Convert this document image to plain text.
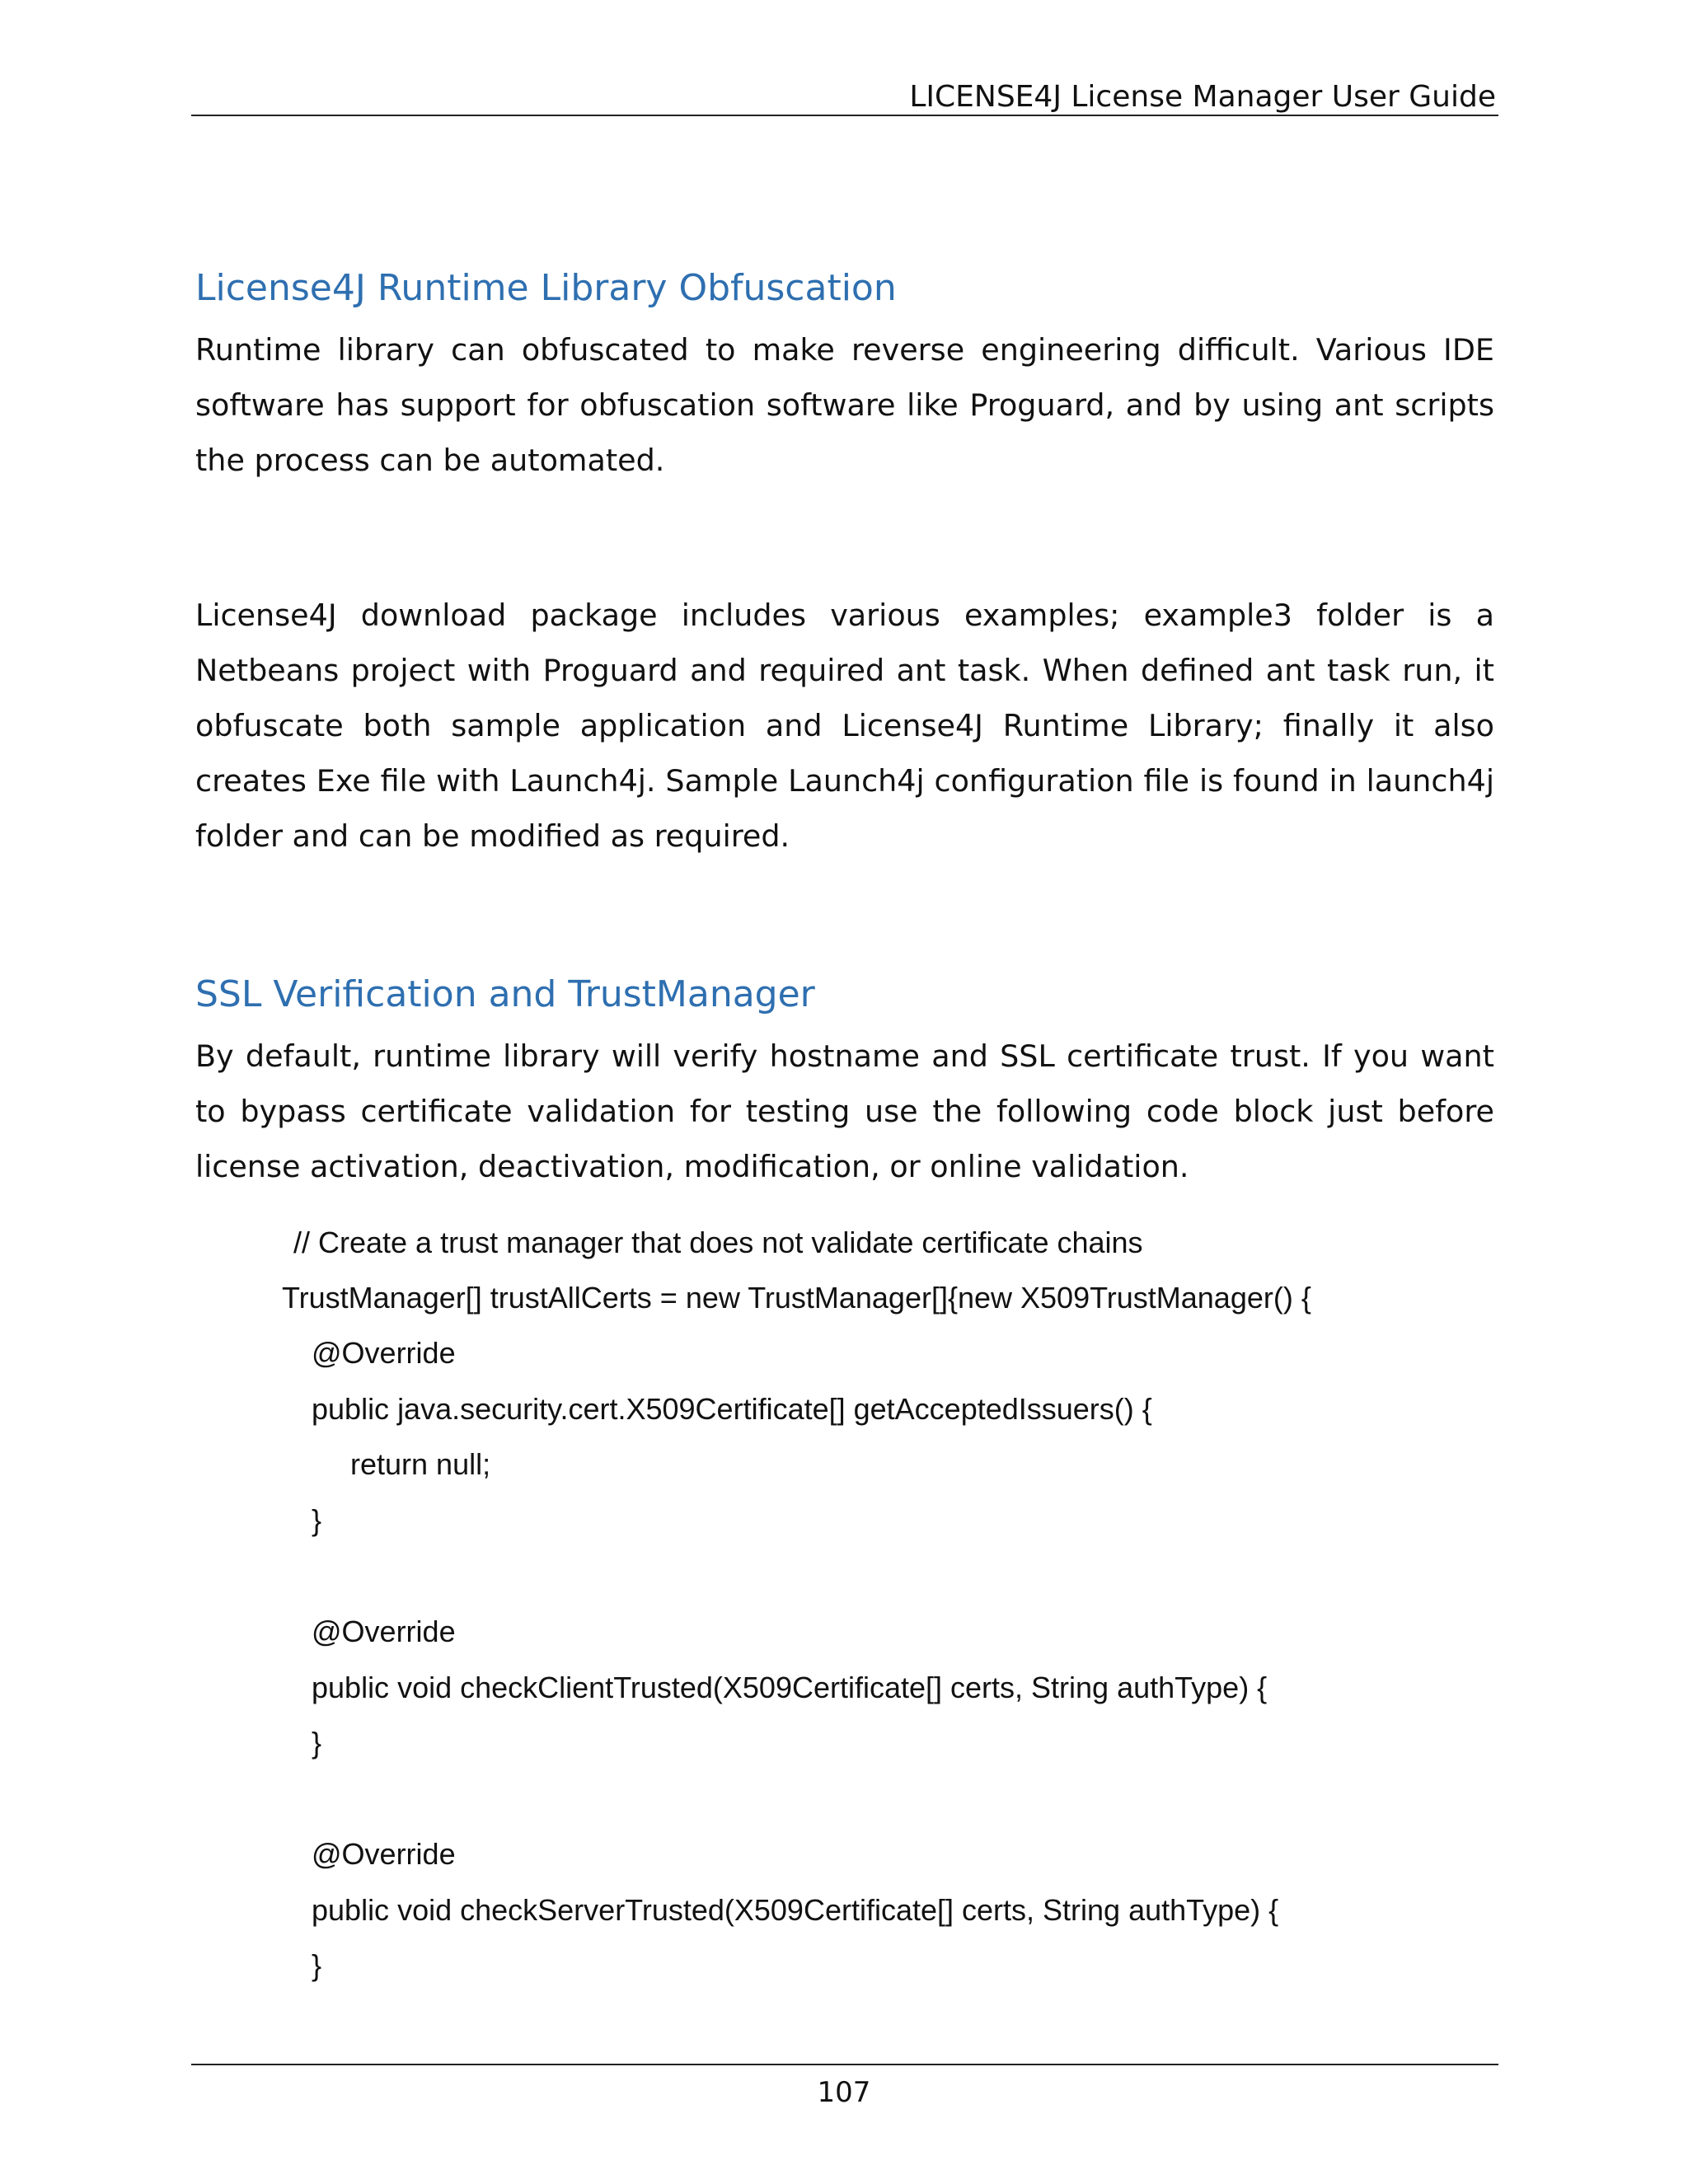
LICENSE4J License Manager User Guide
License4J Runtime Library Obfuscation

Runtime library can obfuscated to make reverse engineering difficult. Various IDE software has support for obfuscation software like Proguard, and by using ant scripts the process can be automated.

License4J download package includes various examples; example3 folder is a Netbeans project with Proguard and required ant task. When defined ant task run, it obfuscate both sample application and License4J Runtime Library; finally it also creates Exe file with Launch4j. Sample Launch4j configuration file is found in launch4j folder and can be modified as required.

SSL Verification and TrustManager

By default, runtime library will verify hostname and SSL certificate trust. If you want to bypass certificate validation for testing use the following code block just before license activation, deactivation, modification, or online validation.

// Create a trust manager that does not validate certificate chains
TrustManager[] trustAllCerts = new TrustManager[]{new X509TrustManager() {
@Override
public java.security.cert.X509Certificate[] getAcceptedIssuers() {
return null;
}
@Override
public void checkClientTrusted(X509Certificate[] certs, String authType) {
}
@Override
public void checkServerTrusted(X509Certificate[] certs, String authType) {
}
107
